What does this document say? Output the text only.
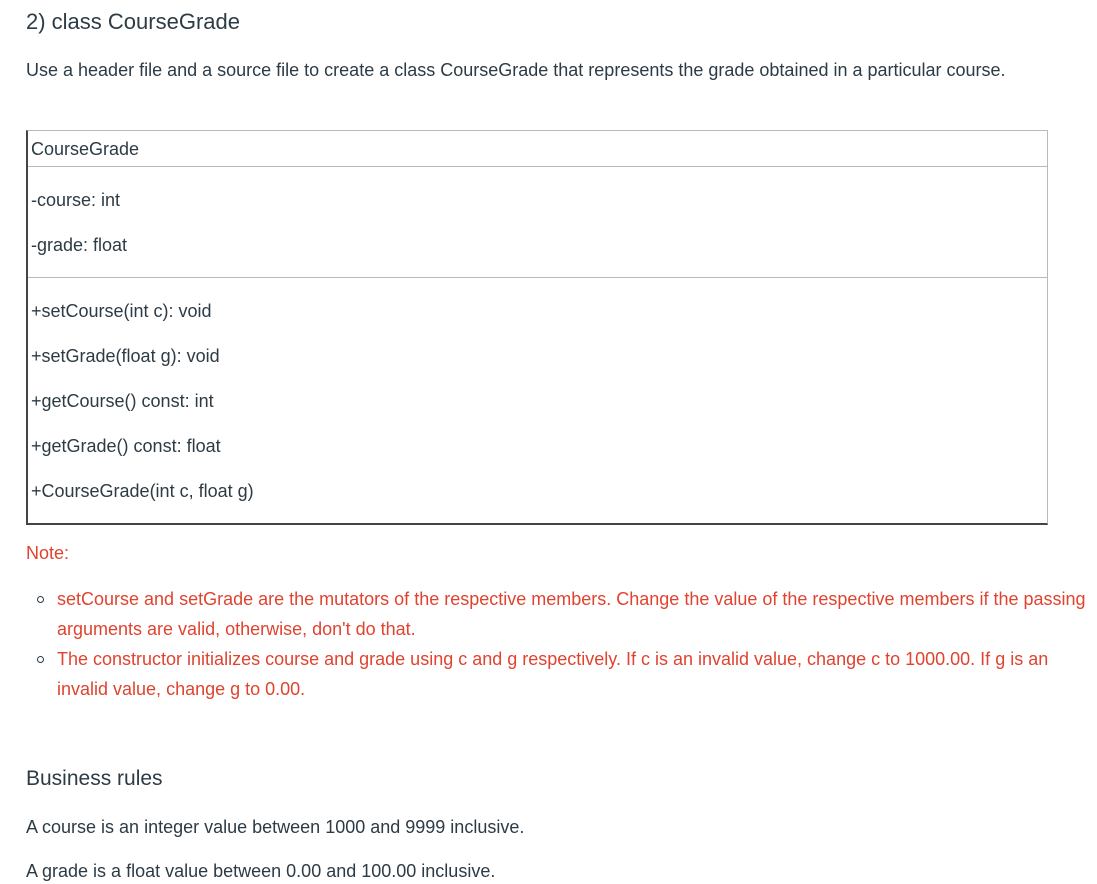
2) class CourseGrade

Use a header file and a source file to create a class CourseGrade that represents the grade obtained in a particular course.

CourseGrade
-course: int
-grade: float
+setCourse(int c): void
+setGrade(float g): void
+getCourse() const: int
+getGrade() const: float
+CourseGrade(int c, float g)
Note:
setCourse and setGrade are the mutators of the respective members. Change the value of the respective members if the passing arguments are valid, otherwise, don't do that.
The constructor initializes course and grade using c and g respectively. If c is an invalid value, change c to 1000.00. If g is an invalid value, change g to 0.00.
Business rules

A course is an integer value between 1000 and 9999 inclusive.

A grade is a float value between 0.00 and 100.00 inclusive.
